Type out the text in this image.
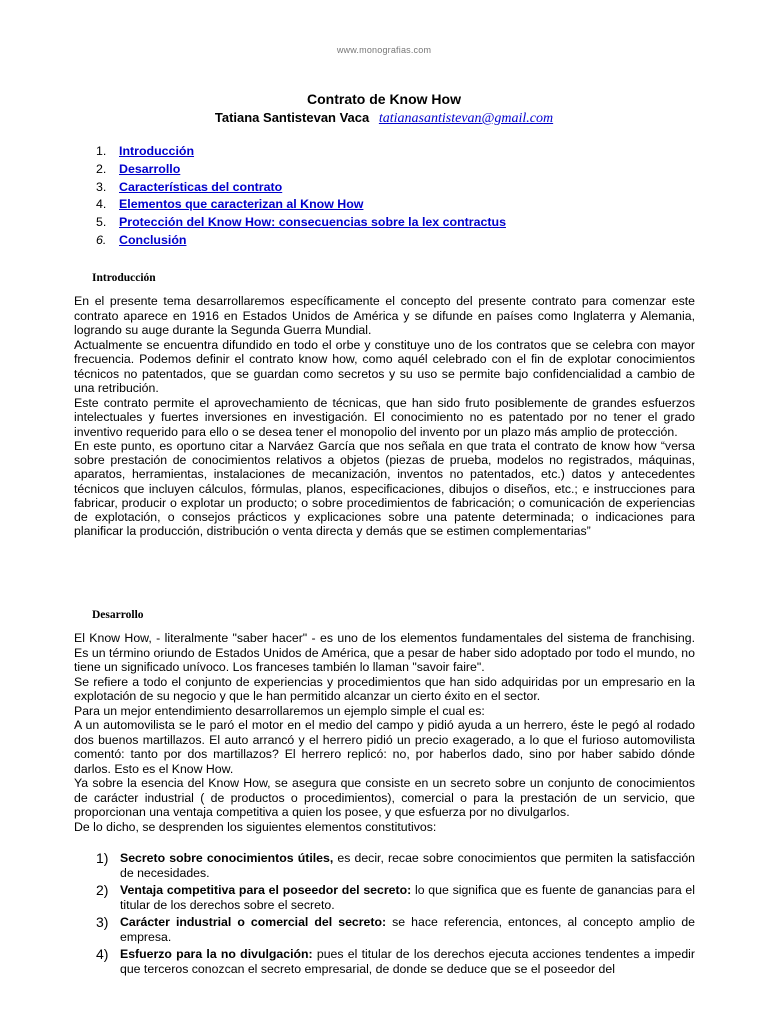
www.monografias.com
Contrato de Know How
Tatiana Santistevan Vaca tatianasantistevan@gmail.com
1. Introducción
2. Desarrollo
3. Características del contrato
4. Elementos que caracterizan al Know How
5. Protección del Know How: consecuencias sobre la lex contractus
6. Conclusión
Introducción

En el presente tema desarrollaremos específicamente el concepto del presente contrato para comenzar este contrato aparece en 1916 en Estados Unidos de América y se difunde en países como Inglaterra y Alemania, logrando su auge durante la Segunda Guerra Mundial.

Actualmente se encuentra difundido en todo el orbe y constituye uno de los contratos que se celebra con mayor frecuencia. Podemos definir el contrato know how, como aquél celebrado con el fin de explotar conocimientos técnicos no patentados, que se guardan como secretos y su uso se permite bajo confidencialidad a cambio de una retribución.

Este contrato permite el aprovechamiento de técnicas, que han sido fruto posiblemente de grandes esfuerzos intelectuales y fuertes inversiones en investigación. El conocimiento no es patentado por no tener el grado inventivo requerido para ello o se desea tener el monopolio del invento por un plazo más amplio de protección.

En este punto, es oportuno citar a Narváez García que nos señala en que trata el contrato de know how “versa sobre prestación de conocimientos relativos a objetos (piezas de prueba, modelos no registrados, máquinas, aparatos, herramientas, instalaciones de mecanización, inventos no patentados, etc.) datos y antecedentes técnicos que incluyen cálculos, fórmulas, planos, especificaciones, dibujos o diseños, etc.; e instrucciones para fabricar, producir o explotar un producto; o sobre procedimientos de fabricación; o comunicación de experiencias de explotación, o consejos prácticos y explicaciones sobre una patente determinada; o indicaciones para planificar la producción, distribución o venta directa y demás que se estimen complementarias”

Desarrollo

El Know How, - literalmente "saber hacer" - es uno de los elementos fundamentales del sistema de franchising. Es un término oriundo de Estados Unidos de América, que a pesar de haber sido adoptado por todo el mundo, no tiene un significado unívoco. Los franceses también lo llaman "savoir faire".

Se refiere a todo el conjunto de experiencias y procedimientos que han sido adquiridas por un empresario en la explotación de su negocio y que le han permitido alcanzar un cierto éxito en el sector.

Para un mejor entendimiento desarrollaremos un ejemplo simple el cual es:

A un automovilista se le paró el motor en el medio del campo y pidió ayuda a un herrero, éste le pegó al rodado dos buenos martillazos. El auto arrancó y el herrero pidió un precio exagerado, a lo que el furioso automovilista comentó: tanto por dos martillazos? El herrero replicó: no, por haberlos dado, sino por haber sabido dónde darlos. Esto es el Know How.

Ya sobre la esencia del Know How, se asegura que consiste en un secreto sobre un conjunto de conocimientos de carácter industrial ( de productos o procedimientos), comercial o para la prestación de un servicio, que proporcionan una ventaja competitiva a quien los posee, y que esfuerza por no divulgarlos.

De lo dicho, se desprenden los siguientes elementos constitutivos:

1) Secreto sobre conocimientos útiles, es decir, recae sobre conocimientos que permiten la satisfacción de necesidades.
2) Ventaja competitiva para el poseedor del secreto: lo que significa que es fuente de ganancias para el titular de los derechos sobre el secreto.
3) Carácter industrial o comercial del secreto: se hace referencia, entonces, al concepto amplio de empresa.
4) Esfuerzo para la no divulgación: pues el titular de los derechos ejecuta acciones tendentes a impedir que terceros conozcan el secreto empresarial, de donde se deduce que se el poseedor del
